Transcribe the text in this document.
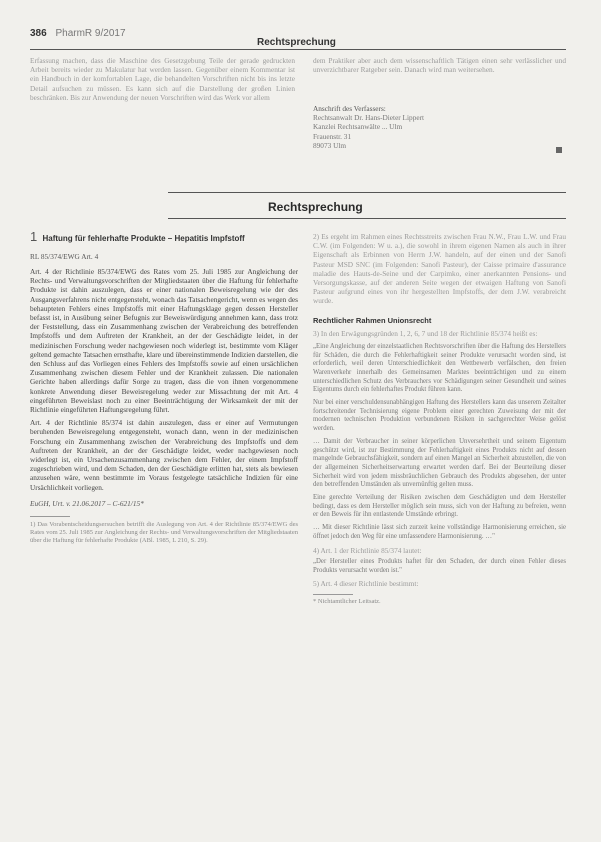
386 PharmR 9/2017
Rechtsprechung

Erfassung machen, dass die Maschine des Gesetzgebung Teile der gerade gedruckten Arbeit bereits wieder zu Makulatur hat werden lassen. Gegenüber einem Kommentar ist ein Handbuch in der komfortablen Lage, die behandelten Vorschriften nicht bis ins letzte Detail aufsuchen zu müssen. Es kann sich auf die Darstellung der großen Linien beschränken. Bis zur Anwendung der neuen Vorschriften wird das Werk vor allem

dem Praktiker aber auch dem wissenschaftlich Tätigen einen sehr verlässlicher und unverzichtbarer Ratgeber sein. Danach wird man weitersehen.

Anschrift des Verfassers:
Rechtsanwalt Dr. Hans-Dieter Lippert
Kanzlei Rechtsanwälte ... Ulm
Frauenstr. 31
89073 Ulm
Rechtsprechung
1 Haftung für fehlerhafte Produkte – Hepatitis Impfstoff
RL 85/374/EWG Art. 4

Art. 4 der Richtlinie 85/374/EWG des Rates vom 25. Juli 1985 zur Angleichung der Rechts- und Verwaltungsvorschriften der Mitgliedstaaten über die Haftung für fehlerhafte Produkte ist dahin auszulegen, dass er einer nationalen Beweisregelung wie der des Ausgangsverfahrens nicht entgegensteht, wonach das Tatsachengericht, wenn es wegen des behaupteten Fehlers eines Impfstoffs mit einer Haftungsklage gegen dessen Hersteller befasst ist, in Ausübung seiner Befugnis zur Beweiswürdigung annehmen kann, dass trotz der Feststellung, dass ein Zusammenhang zwischen der Verabreichung des betreffenden Impfstoffs und dem Auftreten der Krankheit, an der der Geschädigte leidet, in der medizinischen Forschung weder nachgewiesen noch widerlegt ist, bestimmte vom Kläger geltend gemachte Tatsachen ernsthafte, klare und übereinstimmende Indizien darstellen, die den Schluss auf das Vorliegen eines Fehlers des Impfstoffs sowie auf einen ursächlichen Zusammenhang zwischen diesem Fehler und der Krankheit zulassen. Die nationalen Gerichte haben allerdings dafür Sorge zu tragen, dass die von ihnen vorgenommene konkrete Anwendung dieser Beweisregelung weder zur Missachtung der mit Art. 4 eingeführten Beweislast noch zu einer Beeinträchtigung der Wirksamkeit der mit der Richtlinie eingeführten Haftungsregelung führt.

Art. 4 der Richtlinie 85/374 ist dahin auszulegen, dass er einer auf Vermutungen beruhenden Beweisregelung entgegensteht, wonach dann, wenn in der medizinischen Forschung ein Zusammenhang zwischen der Verabreichung des Impfstoffs und dem Auftreten der Krankheit, an der der Geschädigte leidet, weder nachgewiesen noch widerlegt ist, ein Ursachenzusammenhang zwischen dem Fehler, der einem Impfstoff zugeschrieben wird, und dem Schaden, den der Geschädigte erlitten hat, stets als bewiesen anzusehen wäre, wenn bestimmte im Voraus festgelegte tatsächliche Indizien für eine Ursächlichkeit vorliegen.

EuGH, Urt. v. 21.06.2017 – C-621/15*
1) Das Vorabentscheidungsersuchen betrifft die Auslegung von Art. 4 der Richtlinie 85/374/EWG des Rates vom 25. Juli 1985 zur Angleichung der Rechts- und Verwaltungsvorschriften der Mitgliedstaaten über die Haftung für fehlerhafte Produkte (ABl. 1985, L 210, S. 29).

2) Es ergeht im Rahmen eines Rechtsstreits zwischen Frau N.W., Frau L.W. und Frau C.W. (im Folgenden: W u. a.), die sowohl in ihrem eigenen Namen als auch in ihrer Eigenschaft als Erbinnen von Herrn J.W. handeln, auf der einen und der Sanofi Pasteur MSD SNC (im Folgenden: Sanofi Pasteur), der Caisse primaire d'assurance maladie des Hauts-de-Seine und der Carpimko, einer anerkannten Pensions- und Versorgungskasse, auf der anderen Seite wegen der etwaigen Haftung von Sanofi Pasteur aufgrund eines von ihr hergestellten Impfstoffs, der dem J.W. verabreicht wurde.

Rechtlicher Rahmen Unionsrecht

3) In den Erwägungsgründen 1, 2, 6, 7 und 18 der Richtlinie 85/374 heißt es:

„Eine Angleichung der einzelstaatlichen Rechtsvorschriften über die Haftung des Herstellers für Schäden, die durch die Fehlerhaftigkeit seiner Produkte verursacht worden sind, ist erforderlich, weil deren Unterschiedlichkeit den Wettbewerb verfälschen, den freien Warenverkehr innerhalb des Gemeinsamen Marktes beeinträchtigen und zu einem unterschiedlichen Schutz des Verbrauchers vor Schädigungen seiner Gesundheit und seines Eigentums durch ein fehlerhaftes Produkt führen kann.

Nur bei einer verschuldensunabhängigen Haftung des Herstellers kann das unserem Zeitalter fortschreitender Technisierung eigene Problem einer gerechten Zuweisung der mit der modernen technischen Produktion verbundenen Risiken in sachgerechter Weise gelöst werden.

… Damit der Verbraucher in seiner körperlichen Unversehrtheit und seinem Eigentum geschützt wird, ist zur Bestimmung der Fehlerhaftigkeit eines Produkts nicht auf dessen mangelnde Gebrauchsfähigkeit, sondern auf einen Mangel an Sicherheit abzustellen, die von der allgemeinen Sicherheitserwartung erwartet werden darf. Bei der Beurteilung dieser Sicherheit wird von jedem missbräuchlichen Gebrauch des Produkts abgesehen, der unter den betreffenden Umständen als unvernünftig gelten muss.

Eine gerechte Verteilung der Risiken zwischen dem Geschädigten und dem Hersteller bedingt, dass es dem Hersteller möglich sein muss, sich von der Haftung zu befreien, wenn er den Beweis für ihn entlastende Umstände erbringt.

… Mit dieser Richtlinie lässt sich zurzeit keine vollständige Harmonisierung erreichen, sie öffnet jedoch den Weg für eine umfassendere Harmonisierung. …"

4) Art. 1 der Richtlinie 85/374 lautet:

„Der Hersteller eines Produkts haftet für den Schaden, der durch einen Fehler dieses Produkts verursacht worden ist."

5) Art. 4 dieser Richtlinie bestimmt:

* Nichtamtlicher Leitsatz.
